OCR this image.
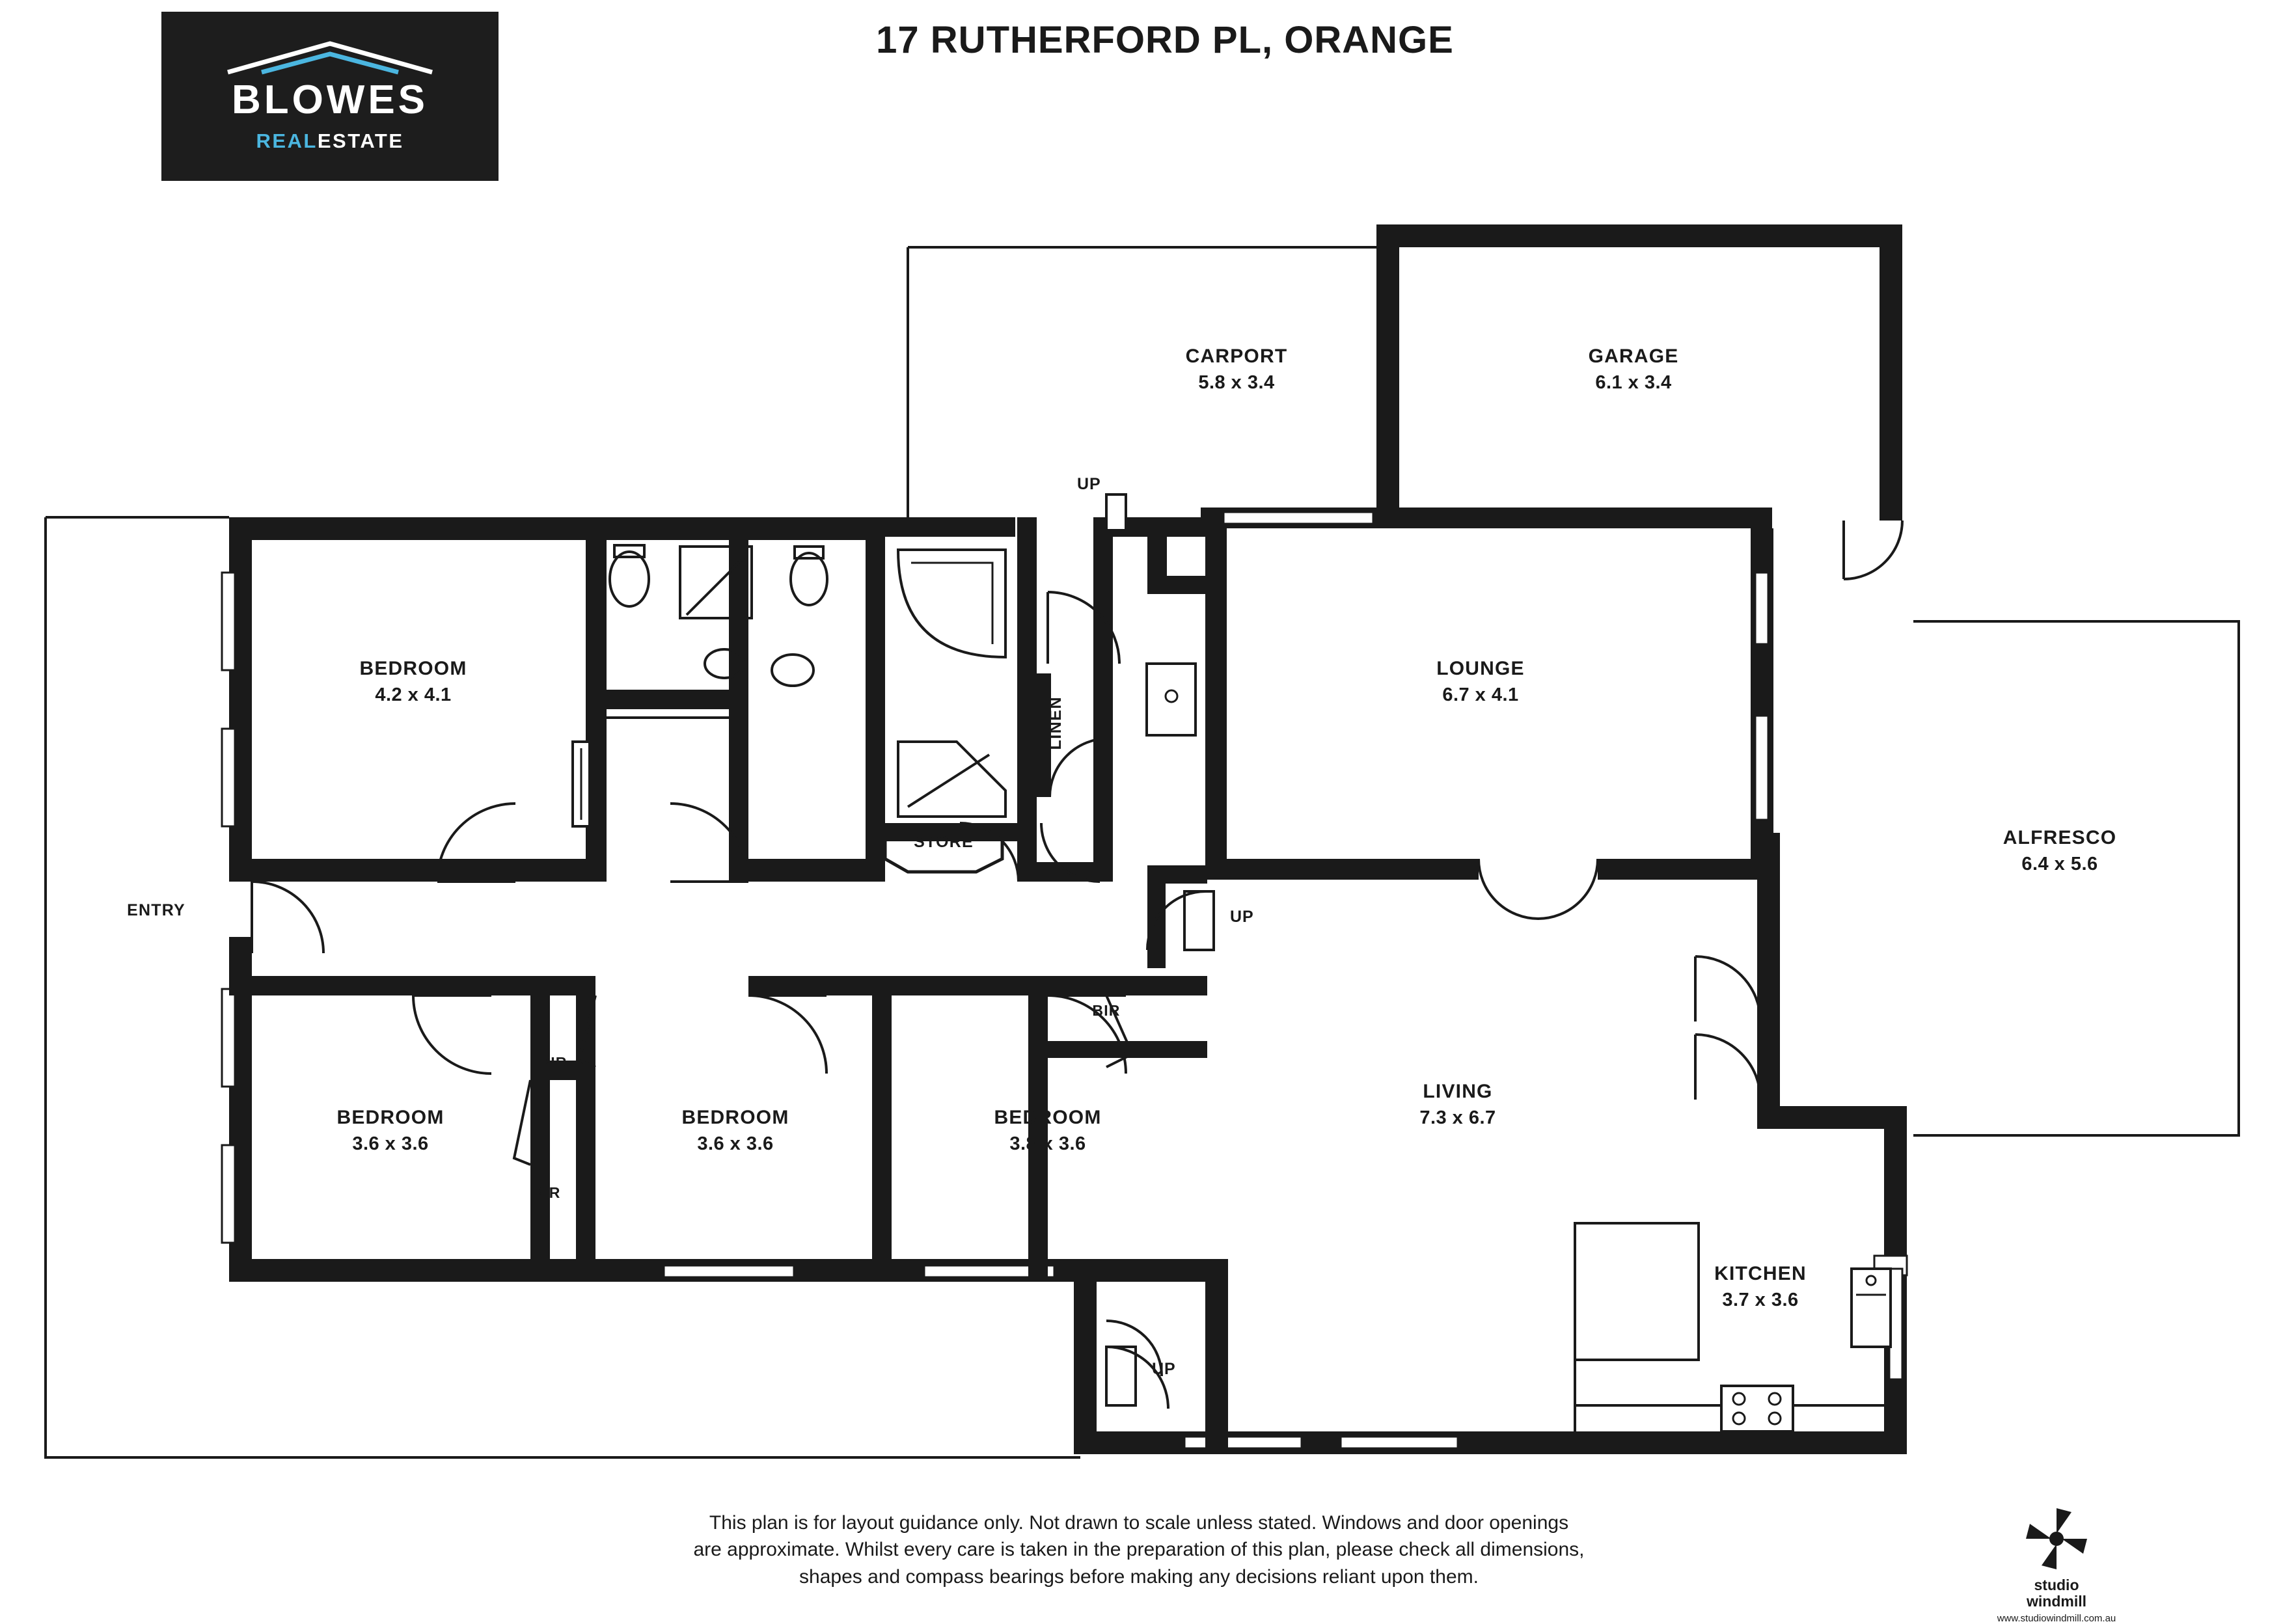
BLOWES
REALESTATE
17 RUTHERFORD PL, ORANGE
CARPORT
5.8 x 3.4
GARAGE
6.1 x 3.4
BEDROOM
4.2 x 4.1
LOUNGE
6.7 x 4.1
ALFRESCO
6.4 x 5.6
BEDROOM
3.6 x 3.6
BEDROOM
3.6 x 3.6
BEDROOM
3.8 x 3.6
LIVING
7.3 x 6.7
KITCHEN
3.7 x 3.6
ENTRY
STORE
LINEN
BIR
BIR
BIR
UP
UP
UP
This plan is for layout guidance only. Not drawn to scale unless stated. Windows and door openings
are approximate. Whilst every care is taken in the preparation of this plan, please check all dimensions,
shapes and compass bearings before making any decisions reliant upon them.	studio
windmill
www.studiowindmill.com.au
